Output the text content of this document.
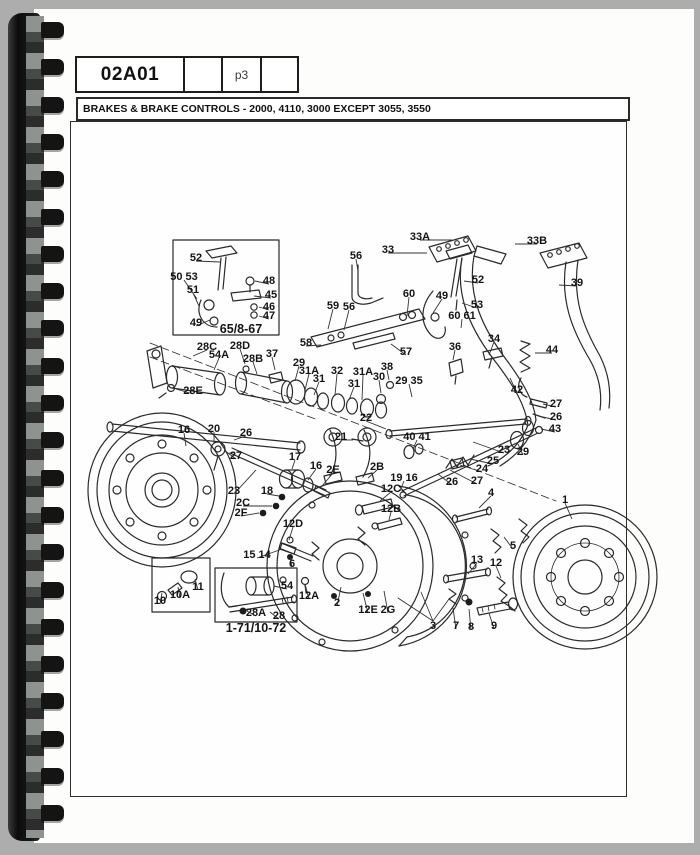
02A01	p3
BRAKES & BRAKE CONTROLS - 2000, 4110, 3000 EXCEPT 3055, 3550
52
50 53
51
48
45
46
47
49 65/8-67
33A
33
33B
56
52	39
60 49
53
60 61
59 56
58
57	36
34
44
42
28C
54A
28D
28B 37
29
31A
31
32
31
31A 38
30
28E
29 35
22
21	40 41
27
26
43
23 29
25
24
26 27
16 20 26
27
23
17
16 2E
18
2C
2F
2B
19 16
12C
12B
12D
15 14
6
12A
10 10A
11	54
28A 28
1-71/10-72
2
12E 2G
3 7 8 9
13 12
4
5
1
